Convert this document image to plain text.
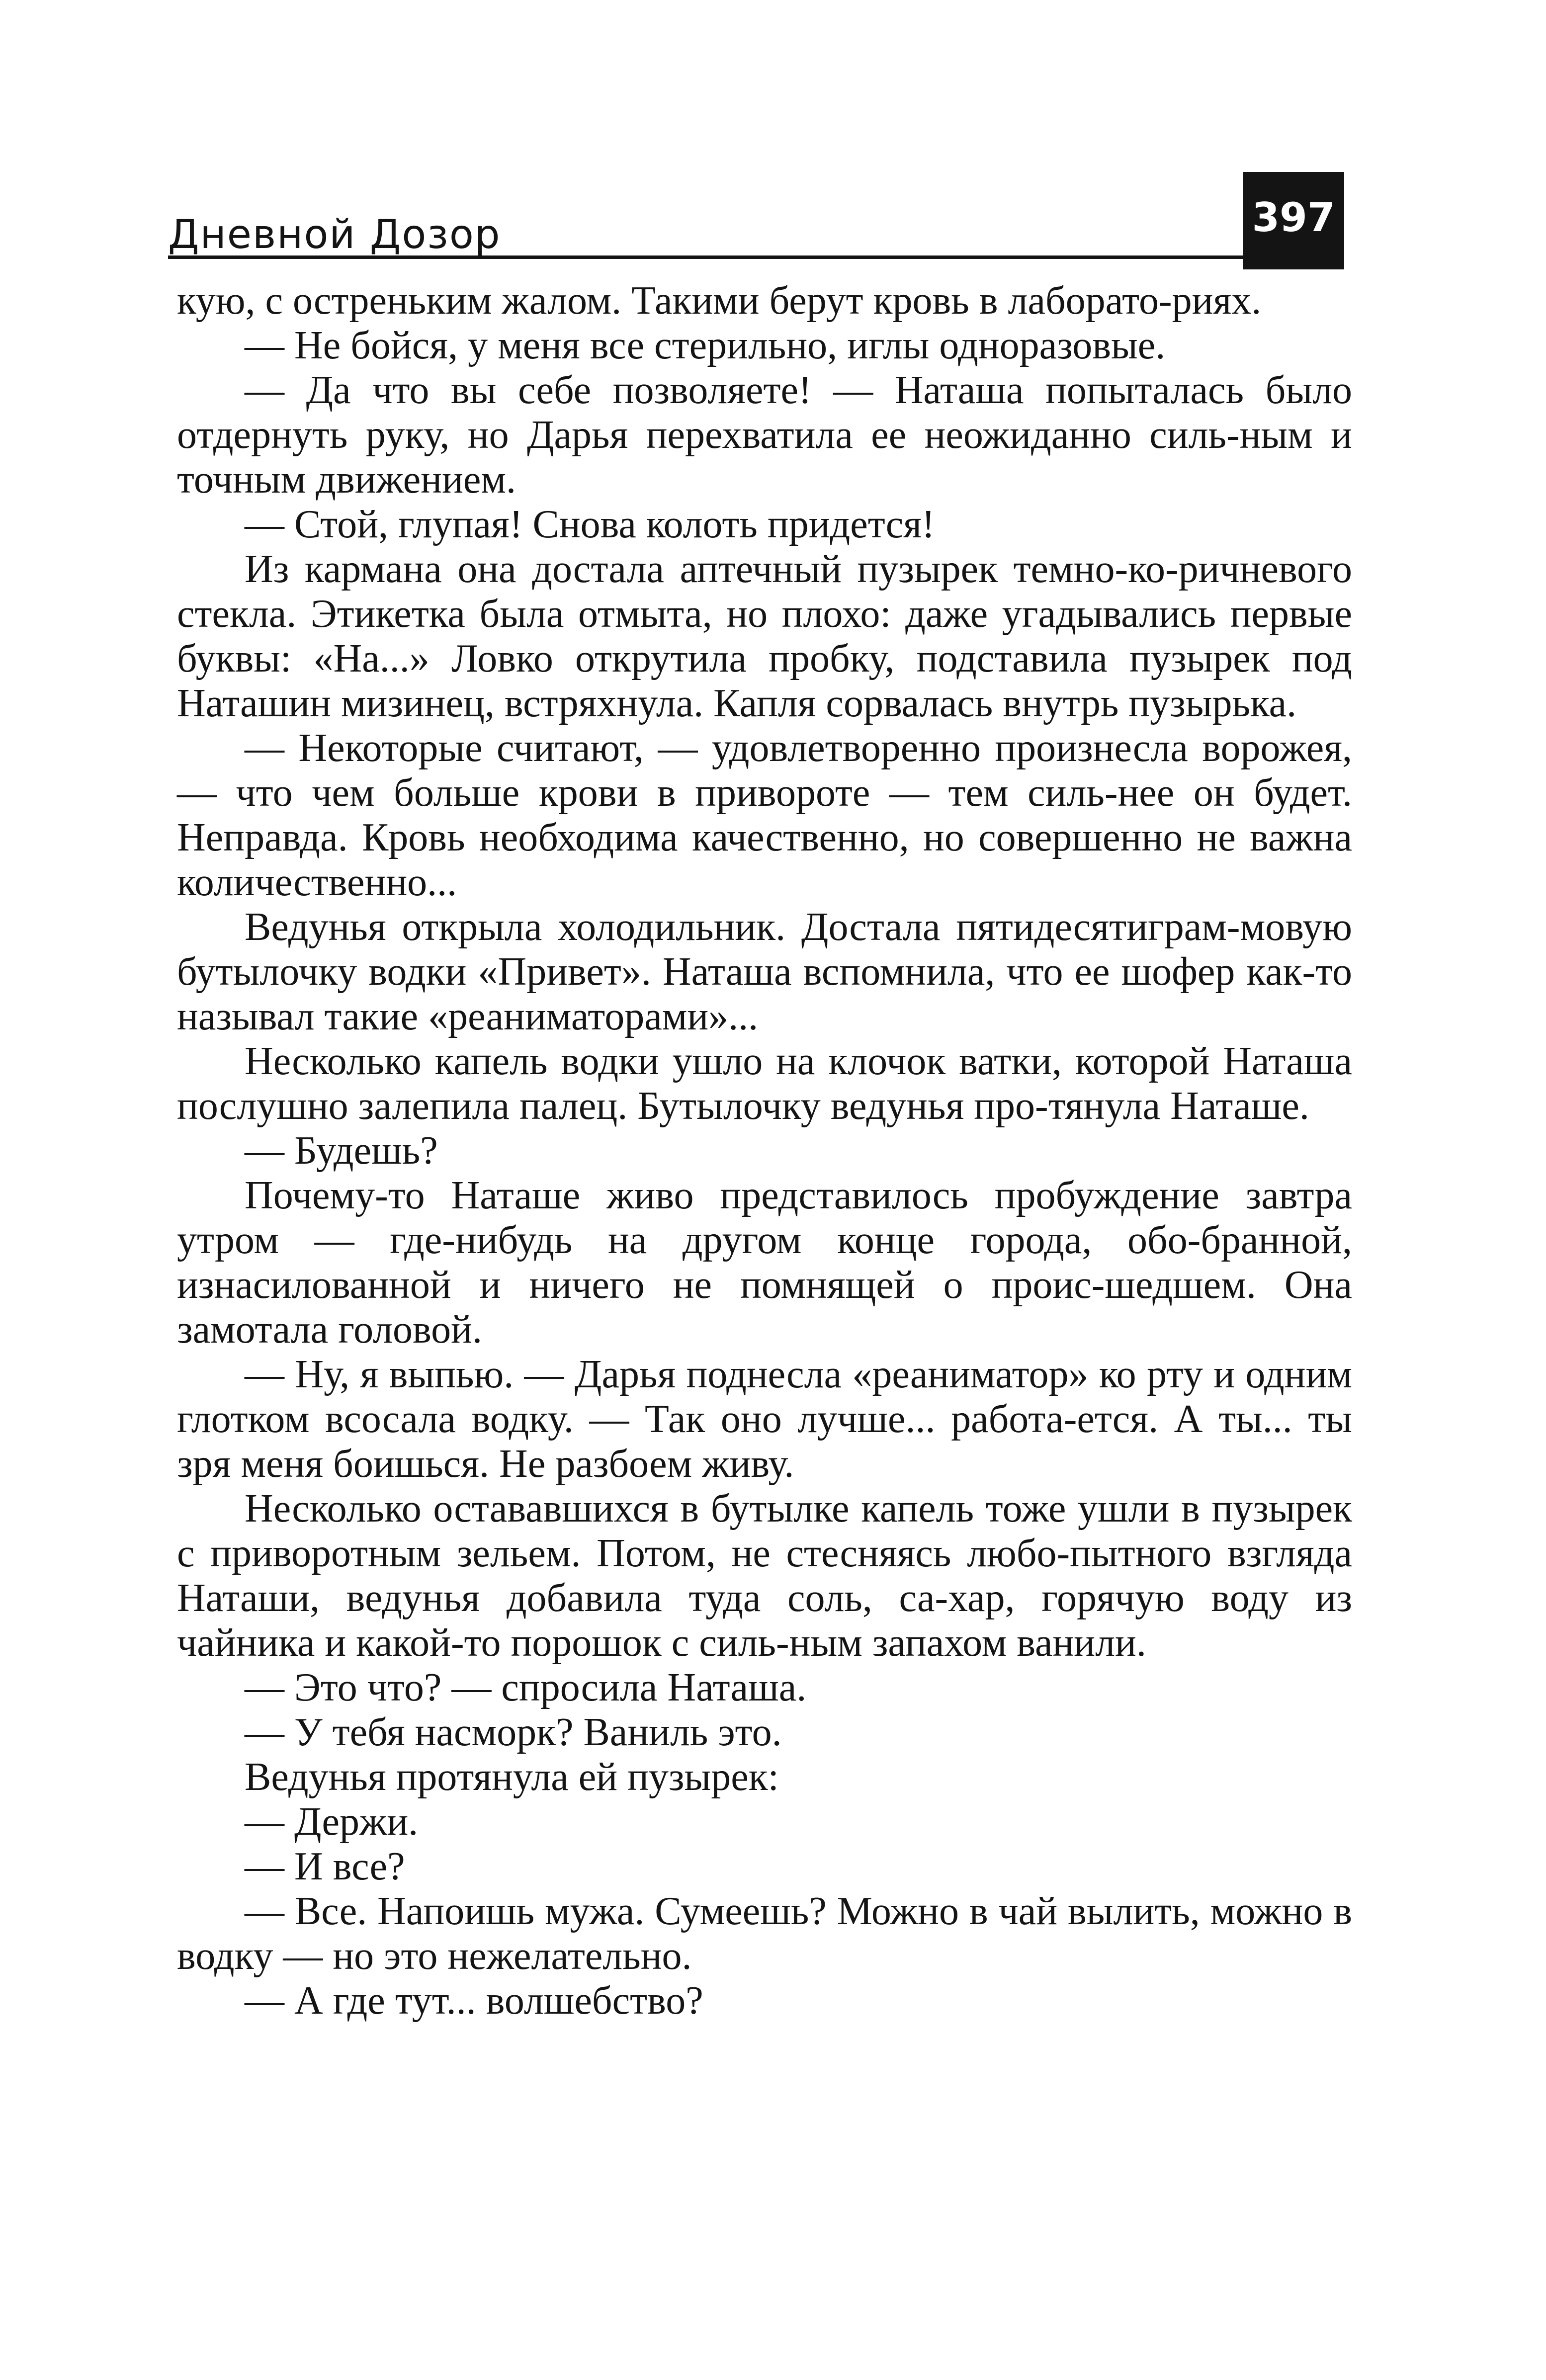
Дневной Дозор	397

кую, с остреньким жалом. Такими берут кровь в лаборато-риях.

— Не бойся, у меня все стерильно, иглы одноразовые.

— Да что вы себе позволяете! — Наташа попыталась было отдернуть руку, но Дарья перехватила ее неожиданно силь-ным и точным движением.

— Стой, глупая! Снова колоть придется!

Из кармана она достала аптечный пузырек темно-ко-ричневого стекла. Этикетка была отмыта, но плохо: даже угадывались первые буквы: «На...» Ловко открутила пробку, подставила пузырек под Наташин мизинец, встряхнула. Капля сорвалась внутрь пузырька.

— Некоторые считают, — удовлетворенно произнесла ворожея, — что чем больше крови в привороте — тем силь-нее он будет. Неправда. Кровь необходима качественно, но совершенно не важна количественно...

Ведунья открыла холодильник. Достала пятидесятиграм-мовую бутылочку водки «Привет». Наташа вспомнила, что ее шофер как-то называл такие «реаниматорами»...

Несколько капель водки ушло на клочок ватки, которой Наташа послушно залепила палец. Бутылочку ведунья про-тянула Наташе.

— Будешь?

Почему-то Наташе живо представилось пробуждение завтра утром — где-нибудь на другом конце города, обо-бранной, изнасилованной и ничего не помнящей о проис-шедшем. Она замотала головой.

— Ну, я выпью. — Дарья поднесла «реаниматор» ко рту и одним глотком всосала водку. — Так оно лучше... работа-ется. А ты... ты зря меня боишься. Не разбоем живу.

Несколько остававшихся в бутылке капель тоже ушли в пузырек с приворотным зельем. Потом, не стесняясь любо-пытного взгляда Наташи, ведунья добавила туда соль, са-хар, горячую воду из чайника и какой-то порошок с силь-ным запахом ванили.

— Это что? — спросила Наташа.

— У тебя насморк? Ваниль это.

Ведунья протянула ей пузырек:

— Держи.

— И все?

— Все. Напоишь мужа. Сумеешь? Можно в чай вылить, можно в водку — но это нежелательно.

— А где тут... волшебство?
